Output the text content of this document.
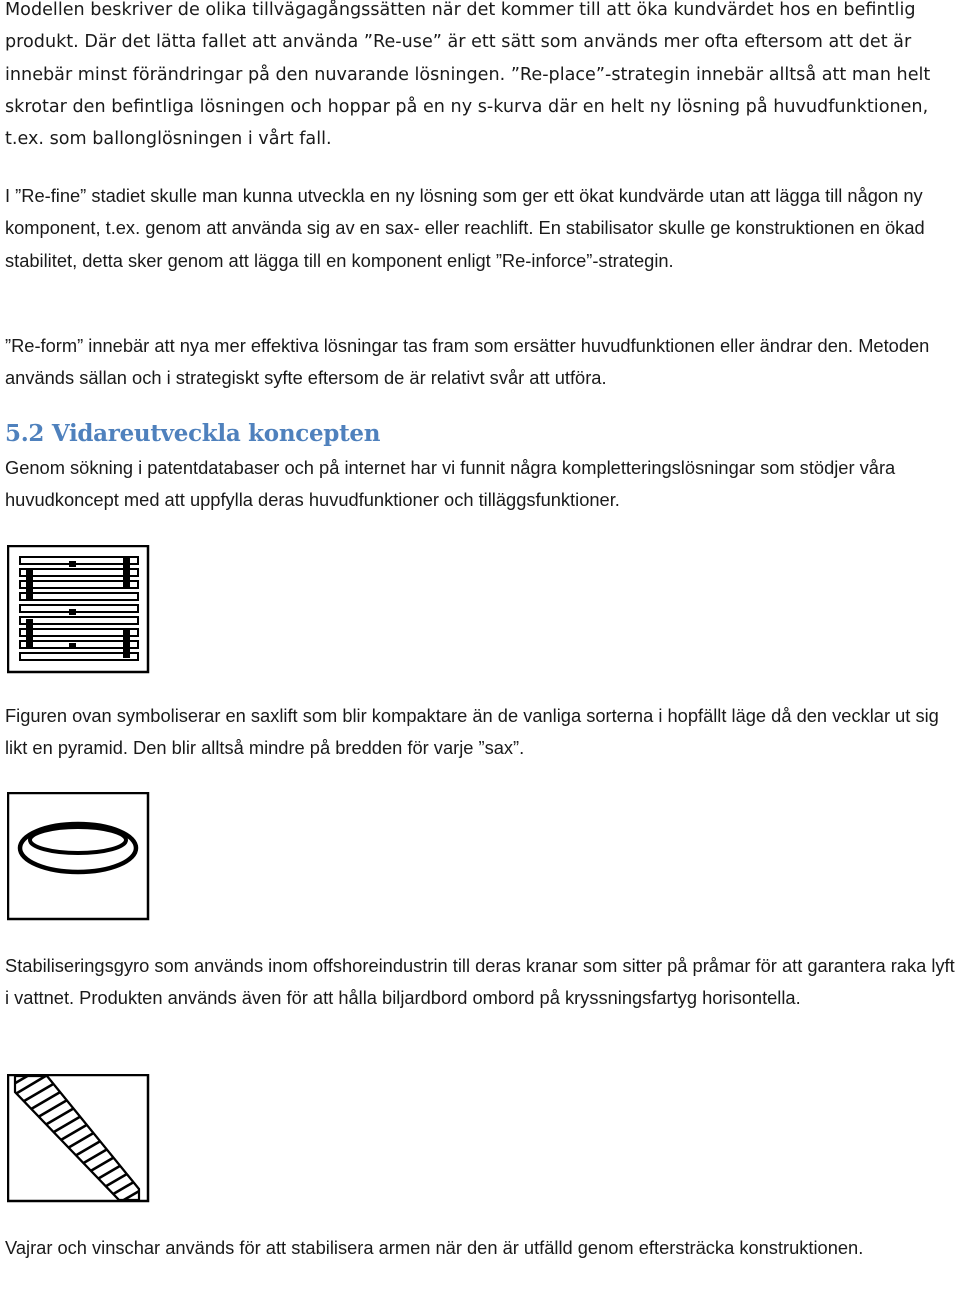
Modellen beskriver de olika tillvägagångssätten när det kommer till att öka kundvärdet hos en befintlig produkt. Där det lätta fallet att använda ”Re-use” är ett sätt som används mer ofta eftersom att det är innebär minst förändringar på den nuvarande lösningen. ”Re-place”-strategin innebär alltså att man helt skrotar den befintliga lösningen och hoppar på en ny s-kurva där en helt ny lösning på huvudfunktionen, t.ex. som ballonglösningen i vårt fall.

I ”Re-fine” stadiet skulle man kunna utveckla en ny lösning som ger ett ökat kundvärde utan att lägga till någon ny komponent, t.ex. genom att använda sig av en sax- eller reachlift. En stabilisator skulle ge konstruktionen en ökad stabilitet, detta sker genom att lägga till en komponent enligt ”Re-inforce”-strategin.

”Re-form” innebär att nya mer effektiva lösningar tas fram som ersätter huvudfunktionen eller ändrar den. Metoden används sällan och i strategiskt syfte eftersom de är relativt svår att utföra.

5.2 Vidareutveckla koncepten

Genom sökning i patentdatabaser och på internet har vi funnit några kompletteringslösningar som stödjer våra huvudkoncept med att uppfylla deras huvudfunktioner och tilläggsfunktioner.

Figuren ovan symboliserar en saxlift som blir kompaktare än de vanliga sorterna i hopfällt läge då den vecklar ut sig likt en pyramid. Den blir alltså mindre på bredden för varje ”sax”.

Stabiliseringsgyro som används inom offshoreindustrin till deras kranar som sitter på pråmar för att garantera raka lyft i vattnet. Produkten används även för att hålla biljardbord ombord på kryssningsfartyg horisontella.

Vajrar och vinschar används för att stabilisera armen när den är utfälld genom eftersträcka konstruktionen.
